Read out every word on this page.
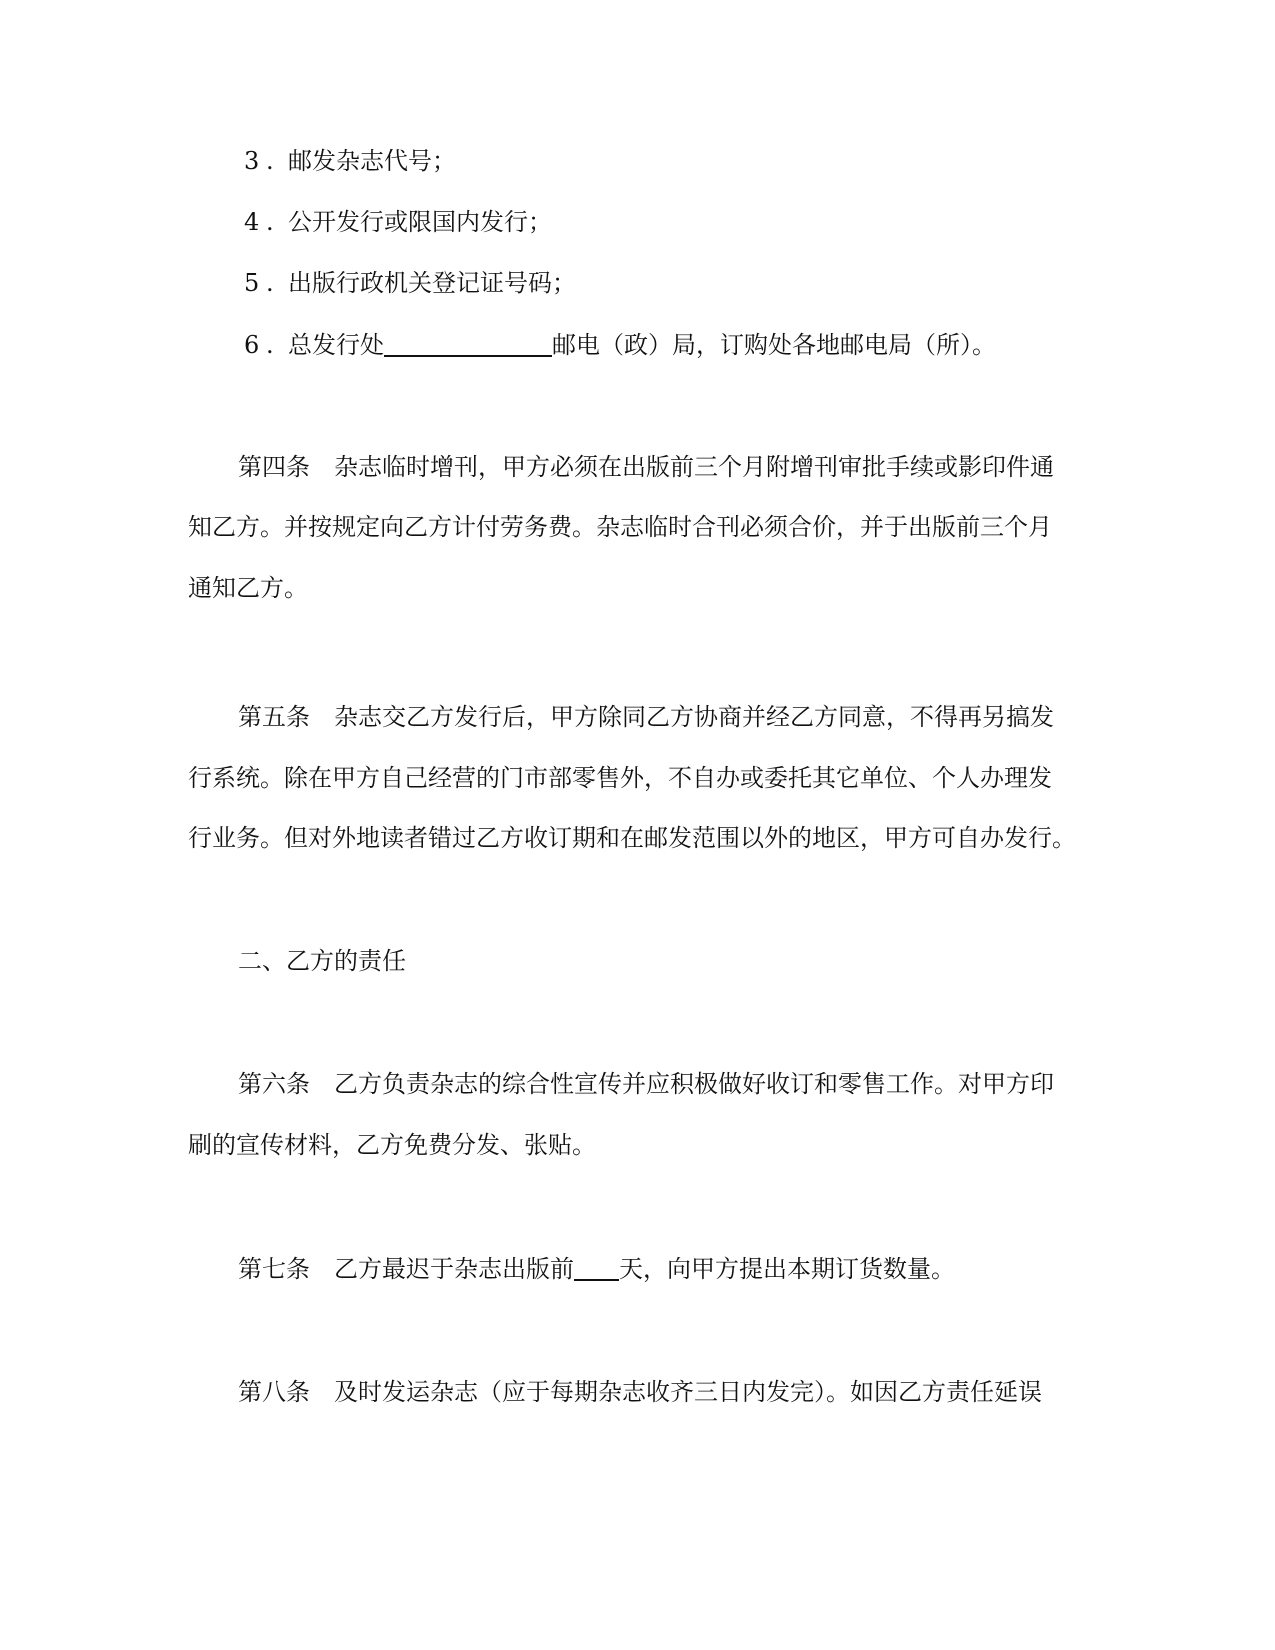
3 . 邮发杂志代号；
4 . 公开发行或限国内发行；
5 . 出版行政机关登记证号码；
6 . 总发行处	邮电（政）局，订购处各地邮电局（所）。
第四条 杂志临时增刊，甲方必须在出版前三个月附增刊审批手续或影印件通
知乙方。并按规定向乙方计付劳务费。杂志临时合刊必须合价，并于出版前三个月
通知乙方。
第五条 杂志交乙方发行后，甲方除同乙方协商并经乙方同意，不得再另搞发
行系统。除在甲方自己经营的门市部零售外，不自办或委托其它单位、个人办理发
行业务。但对外地读者错过乙方收订期和在邮发范围以外的地区，甲方可自办发行。
二、乙方的责任
第六条 乙方负责杂志的综合性宣传并应积极做好收订和零售工作。对甲方印
刷的宣传材料，乙方免费分发、张贴。
第七条 乙方最迟于杂志出版前 天，向甲方提出本期订货数量。
第八条 及时发运杂志（应于每期杂志收齐三日内发完）。如因乙方责任延误
